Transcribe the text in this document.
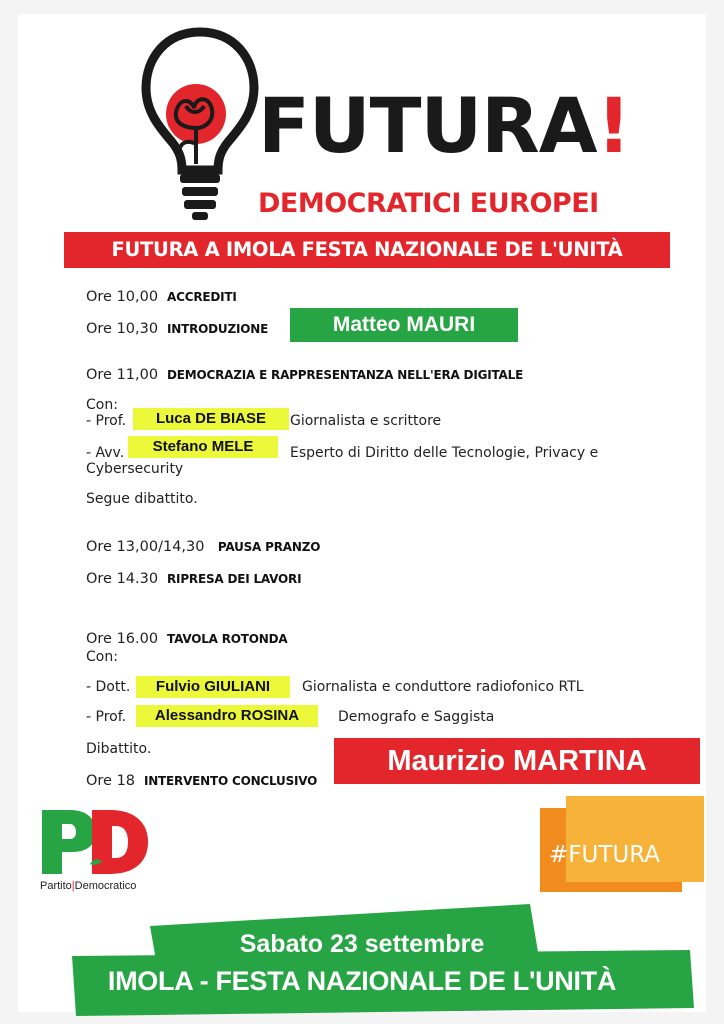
FUTURA!
DEMOCRATICI EUROPEI
FUTURA A IMOLA FESTA NAZIONALE DE L'UNITÀ
Ore 10,00 ACCREDITI
Ore 10,30 INTRODUZIONE	Matteo MAURI
Ore 11,00 DEMOCRAZIA E RAPPRESENTANZA NELL'ERA DIGITALE
Con:
- Prof.	Luca DE BIASE	Giornalista e scrittore
- Avv.	Stefano MELE	Esperto di Diritto delle Tecnologie, Privacy e
Cybersecurity
Segue dibattito.
Ore 13,00/14,30 PAUSA PRANZO
Ore 14.30 RIPRESA DEI LAVORI
Ore 16.00 TAVOLA ROTONDA
Con:
- Dott.	Fulvio GIULIANI	Giornalista e conduttore radiofonico RTL
- Prof.	Alessandro ROSINA	Demografo e Saggista
Dibattito.
Ore 18 INTERVENTO CONCLUSIVO
Maurizio MARTINA
Partito|Democratico
#FUTURA
Sabato 23 settembre
IMOLA - FESTA NAZIONALE DE L'UNITÀ
